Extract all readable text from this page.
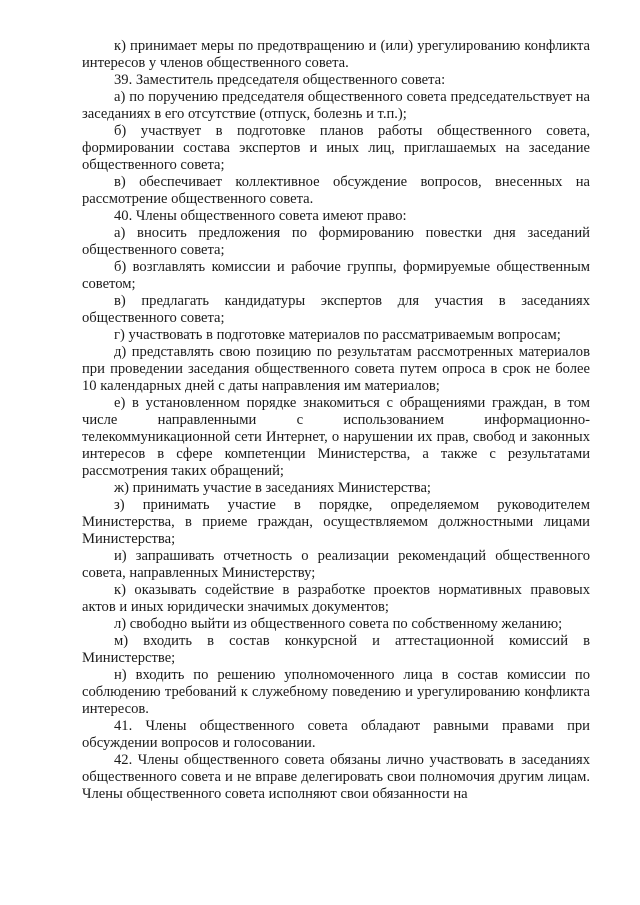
к) принимает меры по предотвращению и (или) урегулированию конфликта интересов у членов общественного совета.

39. Заместитель председателя общественного совета:

а) по поручению председателя общественного совета председательствует на заседаниях в его отсутствие (отпуск, болезнь и т.п.);

б) участвует в подготовке планов работы общественного совета, формировании состава экспертов и иных лиц, приглашаемых на заседание общественного совета;

в) обеспечивает коллективное обсуждение вопросов, внесенных на рассмотрение общественного совета.

40. Члены общественного совета имеют право:

а) вносить предложения по формированию повестки дня заседаний общественного совета;

б) возглавлять комиссии и рабочие группы, формируемые общественным советом;

в) предлагать кандидатуры экспертов для участия в заседаниях общественного совета;

г) участвовать в подготовке материалов по рассматриваемым вопросам;

д) представлять свою позицию по результатам рассмотренных материалов при проведении заседания общественного совета путем опроса в срок не более 10 календарных дней с даты направления им материалов;

е) в установленном порядке знакомиться с обращениями граждан, в том числе направленными с использованием информационно-телекоммуникационной сети Интернет, о нарушении их прав, свобод и законных интересов в сфере компетенции Министерства, а также с результатами рассмотрения таких обращений;

ж) принимать участие в заседаниях Министерства;

з) принимать участие в порядке, определяемом руководителем Министерства, в приеме граждан, осуществляемом должностными лицами Министерства;

и) запрашивать отчетность о реализации рекомендаций общественного совета, направленных Министерству;

к) оказывать содействие в разработке проектов нормативных правовых актов и иных юридически значимых документов;

л) свободно выйти из общественного совета по собственному желанию;

м) входить в состав конкурсной и аттестационной комиссий в Министерстве;

н) входить по решению уполномоченного лица в состав комиссии по соблюдению требований к служебному поведению и урегулированию конфликта интересов.

41. Члены общественного совета обладают равными правами при обсуждении вопросов и голосовании.

42. Члены общественного совета обязаны лично участвовать в заседаниях общественного совета и не вправе делегировать свои полномочия другим лицам. Члены общественного совета исполняют свои обязанности на
